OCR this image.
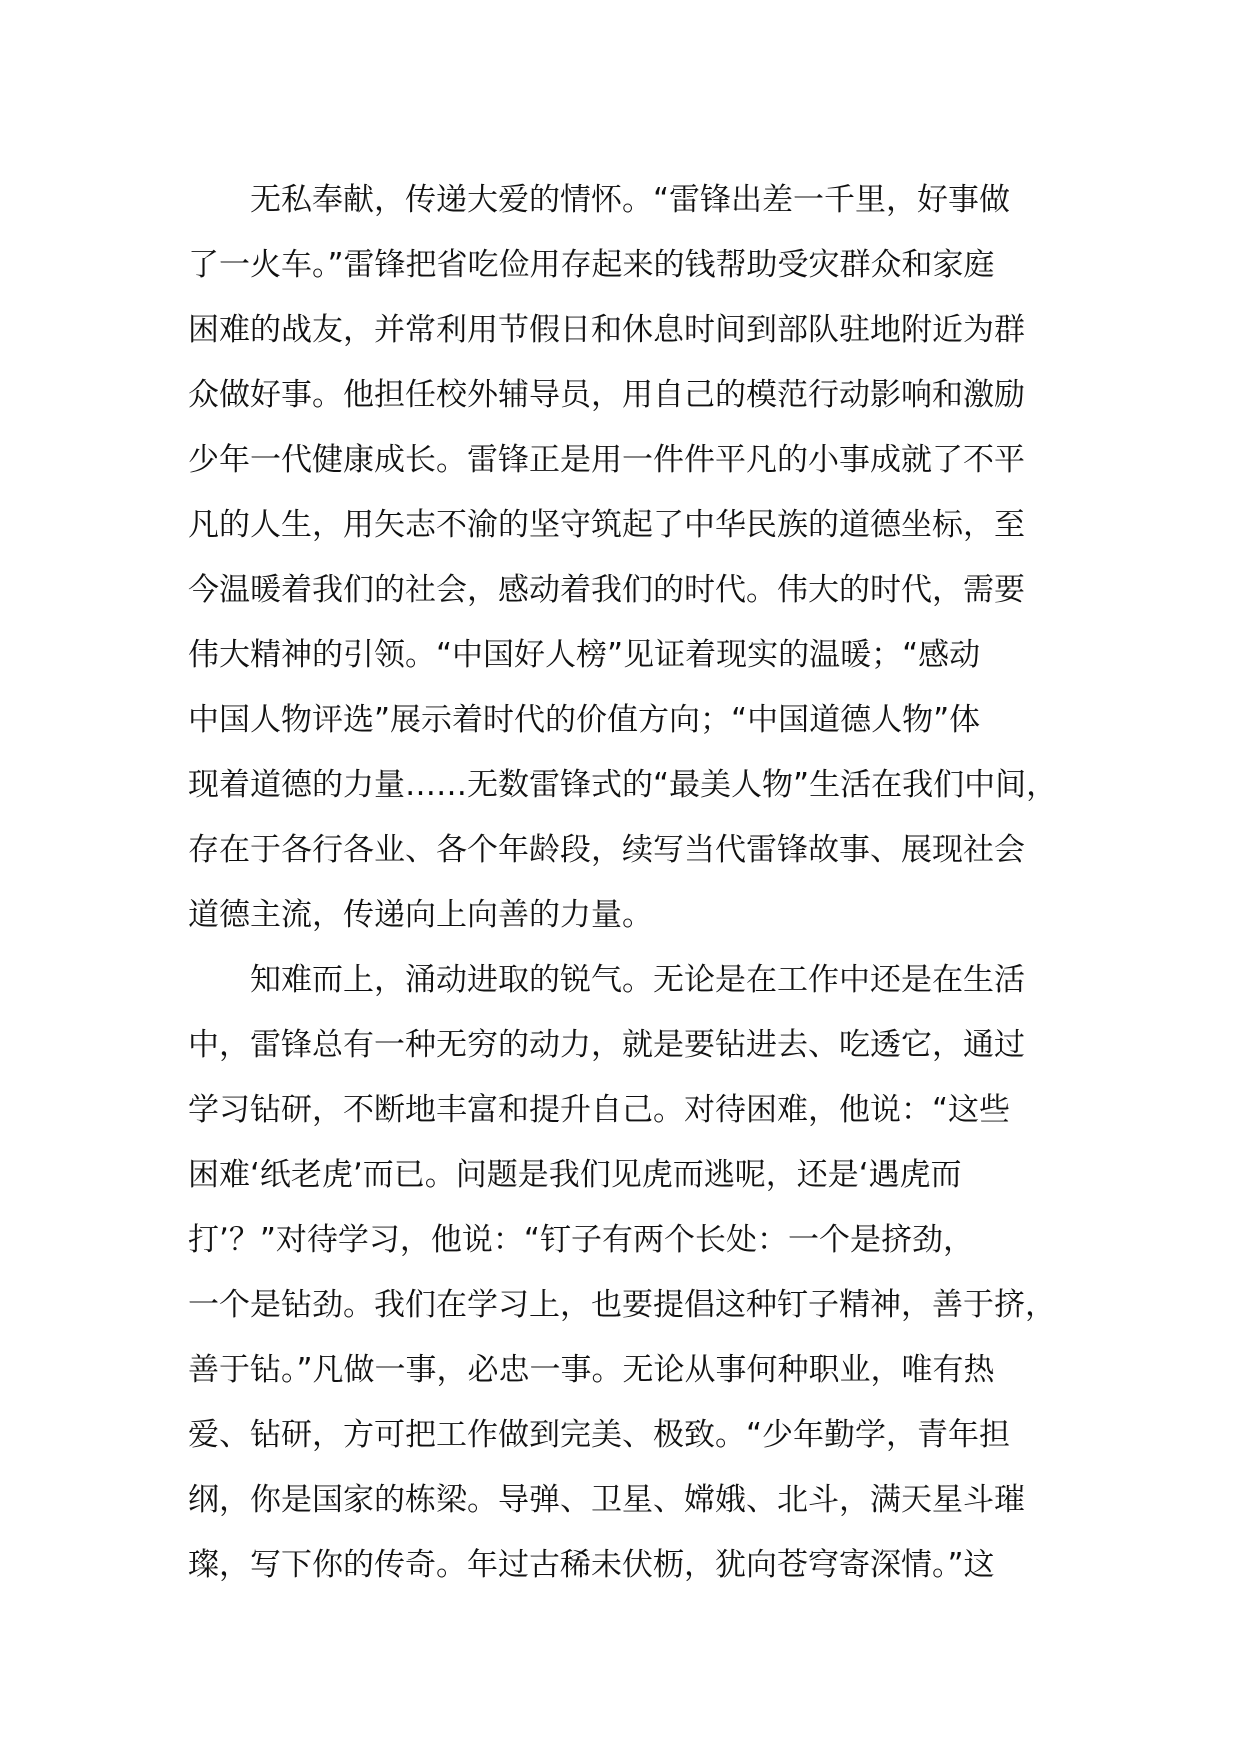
无私奉献，传递大爱的情怀。“雷锋出差一千里，好事做
了一火车。”雷锋把省吃俭用存起来的钱帮助受灾群众和家庭
困难的战友，并常利用节假日和休息时间到部队驻地附近为群
众做好事。他担任校外辅导员，用自己的模范行动影响和激励
少年一代健康成长。雷锋正是用一件件平凡的小事成就了不平
凡的人生，用矢志不渝的坚守筑起了中华民族的道德坐标，至
今温暖着我们的社会，感动着我们的时代。伟大的时代，需要
伟大精神的引领。“中国好人榜”见证着现实的温暖；“感动
中国人物评选”展示着时代的价值方向；“中国道德人物”体
现着道德的力量……无数雷锋式的“最美人物”生活在我们中间，
存在于各行各业、各个年龄段，续写当代雷锋故事、展现社会
道德主流，传递向上向善的力量。
知难而上，涌动进取的锐气。无论是在工作中还是在生活
中，雷锋总有一种无穷的动力，就是要钻进去、吃透它，通过
学习钻研，不断地丰富和提升自己。对待困难，他说：“这些
困难‘纸老虎’而已。问题是我们见虎而逃呢，还是‘遇虎而
打’？”对待学习，他说：“钉子有两个长处：一个是挤劲，
一个是钻劲。我们在学习上，也要提倡这种钉子精神，善于挤，
善于钻。”凡做一事，必忠一事。无论从事何种职业，唯有热
爱、钻研，方可把工作做到完美、极致。“少年勤学，青年担
纲，你是国家的栋梁。导弹、卫星、嫦娥、北斗，满天星斗璀
璨，写下你的传奇。年过古稀未伏枥，犹向苍穹寄深情。”这
